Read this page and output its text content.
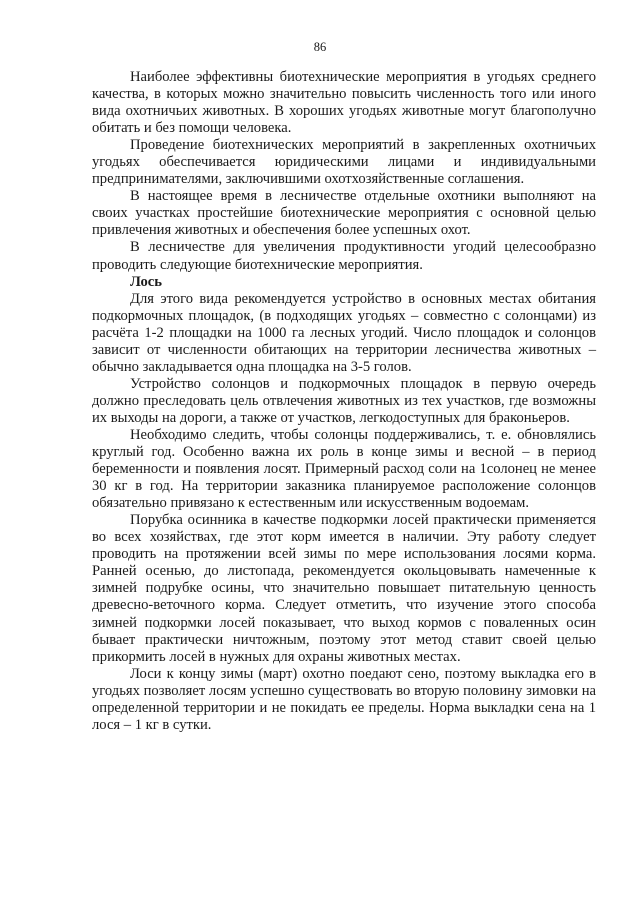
86

Наиболее эффективны биотехнические мероприятия в угодьях среднего качества, в которых можно значительно повысить численность того или иного вида охотничьих животных. В хороших угодьях животные могут благополучно обитать и без помощи человека.

Проведение биотехнических мероприятий в закрепленных охотничьих угодьях обеспечивается юридическими лицами и индивидуальными предпринимателями, заключившими охотхозяйственные соглашения.

В настоящее время в лесничестве отдельные охотники выполняют на своих участках простейшие биотехнические мероприятия с основной целью привлечения животных и обеспечения более успешных охот.

В лесничестве для увеличения продуктивности угодий целесообразно проводить следующие биотехнические мероприятия.

Лось

Для этого вида рекомендуется устройство в основных местах обитания подкормочных площадок, (в подходящих угодьях – совместно с солонцами) из расчёта 1-2 площадки на 1000 га лесных угодий. Число площадок и солонцов зависит от численности обитающих на территории лесничества животных – обычно закладывается одна площадка на 3-5 голов.

Устройство солонцов и подкормочных площадок в первую очередь должно преследовать цель отвлечения животных из тех участков, где возможны их выходы на дороги, а также от участков, легкодоступных для браконьеров.

Необходимо следить, чтобы солонцы поддерживались, т. е. обновлялись круглый год. Особенно важна их роль в конце зимы и весной – в период беременности и появления лосят. Примерный расход соли на 1солонец не менее 30 кг в год. На территории заказника планируемое расположение солонцов обязательно привязано к естественным или искусственным водоемам.

Порубка осинника в качестве подкормки лосей практически применяется во всех хозяйствах, где этот корм имеется в наличии. Эту работу следует проводить на протяжении всей зимы по мере использования лосями корма. Ранней осенью, до листопада, рекомендуется окольцовывать намеченные к зимней подрубке осины, что значительно повышает питательную ценность древесно-веточного корма. Следует отметить, что изучение этого способа зимней подкормки лосей показывает, что выход кормов с поваленных осин бывает практически ничтожным, поэтому этот метод ставит своей целью прикормить лосей в нужных для охраны животных местах.

Лоси к концу зимы (март) охотно поедают сено, поэтому выкладка его в угодьях позволяет лосям успешно существовать во вторую половину зимовки на определенной территории и не покидать ее пределы. Норма выкладки сена на 1 лося – 1 кг в сутки.
